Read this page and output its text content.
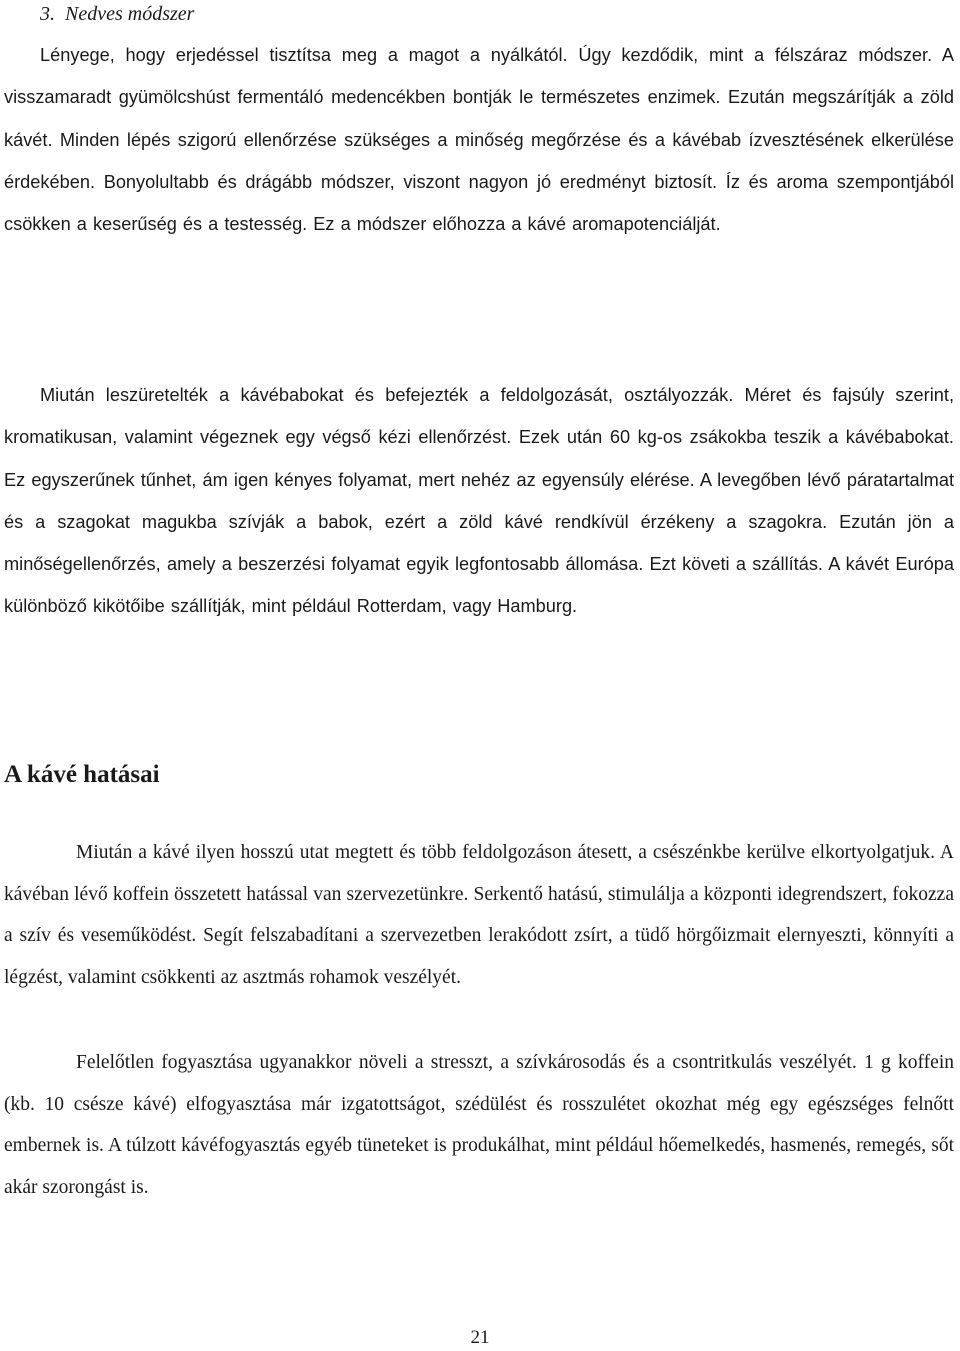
3.  Nedves módszer

Lényege, hogy erjedéssel tisztítsa meg a magot a nyálkától. Úgy kezdődik, mint a félszáraz módszer. A visszamaradt gyümölcshúst fermentáló medencékben bontják le természetes enzimek. Ezután megszárítják a zöld kávét. Minden lépés szigorú ellenőrzése szükséges a minőség megőrzése és a kávébab ízvesztésének elkerülése érdekében. Bonyolultabb és drágább módszer, viszont nagyon jó eredményt biztosít. Íz és aroma szempontjából csökken a keserűség és a testesség. Ez a módszer előhozza a kávé aromapotenciálját.

Miután leszüretelték a kávébabokat és befejezték a feldolgozását, osztályozzák. Méret és fajsúly szerint, kromatikusan, valamint végeznek egy végső kézi ellenőrzést. Ezek után 60 kg-os zsákokba teszik a kávébabokat. Ez egyszerűnek tűnhet, ám igen kényes folyamat, mert nehéz az egyensúly elérése. A levegőben lévő páratartalmat és a szagokat magukba szívják a babok, ezért a zöld kávé rendkívül érzékeny a szagokra. Ezután jön a minőségellenőrzés, amely a beszerzési folyamat egyik legfontosabb állomása. Ezt követi a szállítás. A kávét Európa különböző kikötőibe szállítják, mint például Rotterdam, vagy Hamburg.

A kávé hatásai

Miután a kávé ilyen hosszú utat megtett és több feldolgozáson átesett, a csészénkbe kerülve elkortyolgatjuk. A kávéban lévő koffein összetett hatással van szervezetünkre. Serkentő hatású, stimulálja a központi idegrendszert, fokozza a szív és veseműködést. Segít felszabadítani a szervezetben lerakódott zsírt, a tüdő hörgőizmait elernyeszti, könnyíti a légzést, valamint csökkenti az asztmás rohamok veszélyét.

Felelőtlen fogyasztása ugyanakkor növeli a stresszt, a szívkárosodás és a csontritkulás veszélyét. 1 g koffein (kb. 10 csésze kávé) elfogyasztása már izgatottságot, szédülést és rosszulétet okozhat még egy egészséges felnőtt embernek is. A túlzott kávéfogyasztás egyéb tüneteket is produkálhat, mint például hőemelkedés, hasmenés, remegés, sőt akár szorongást is.

21
